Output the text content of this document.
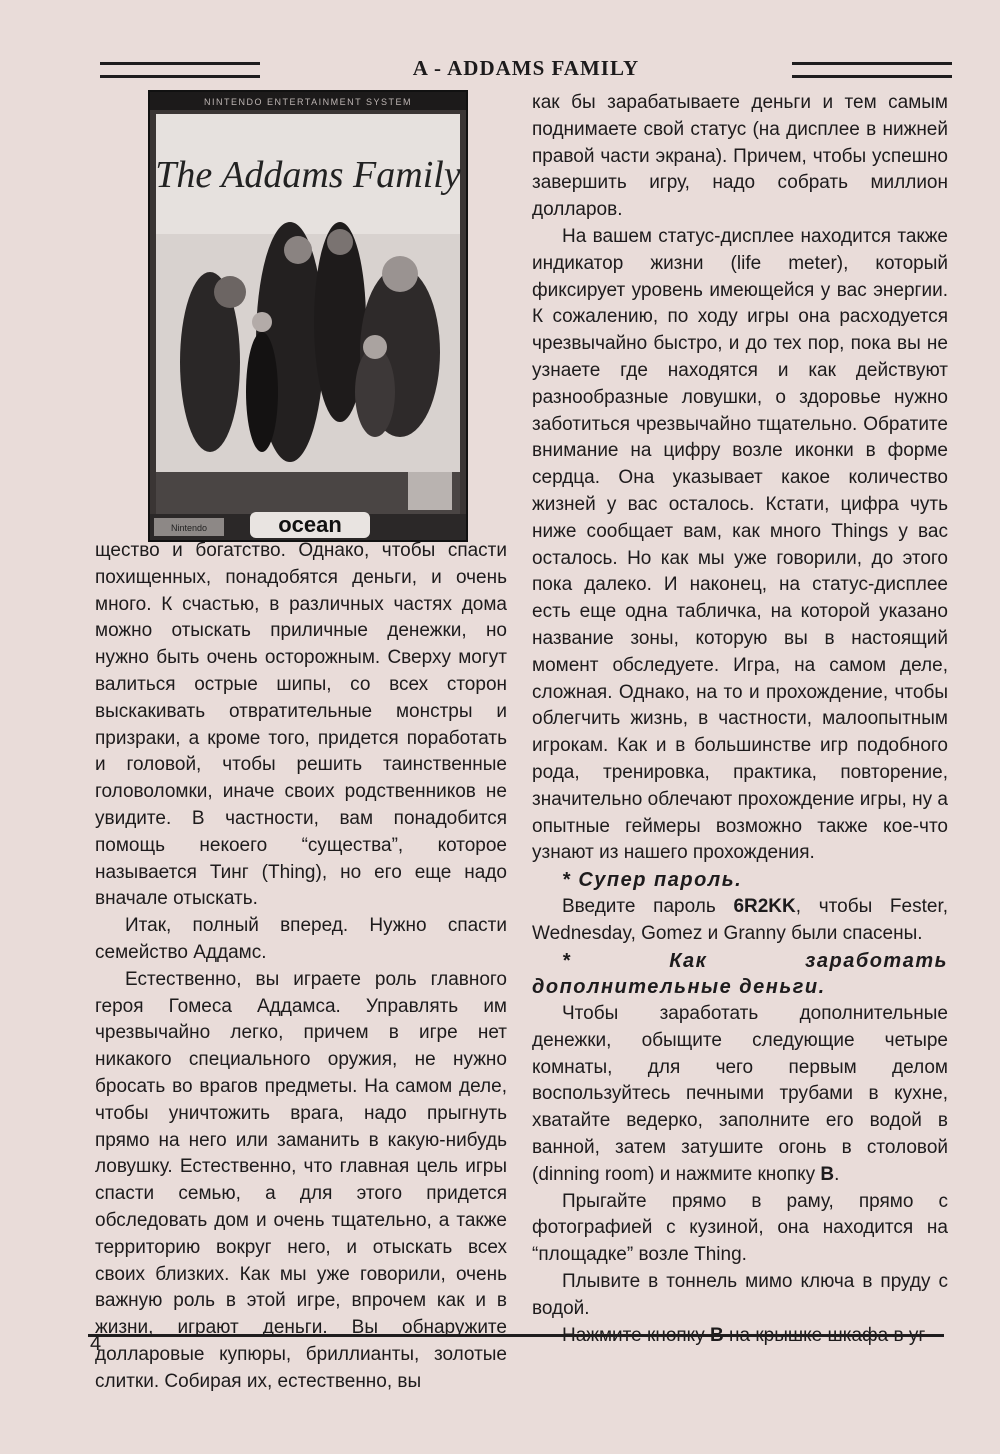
A - ADDAMS FAMILY
NINTENDO ENTERTAINMENT SYSTEM
The Addams Family
Nintendo	ocean

щество и богатство. Однако, чтобы спасти похищенных, понадобятся деньги, и очень много. К счастью, в различных частях дома можно отыскать приличные денежки, но нужно быть очень осторожным. Сверху могут валиться острые шипы, со всех сторон выскакивать отвратительные монстры и призраки, а кроме того, придется поработать и головой, чтобы решить таинственные головоломки, иначе своих родственников не увидите. В частности, вам понадобится помощь некоего “существа”, которое называется Тинг (Thing), но его еще надо вначале отыскать.

Итак, полный вперед. Нужно спасти семейство Аддамс.

Естественно, вы играете роль главного героя Гомеса Аддамса. Управлять им чрезвычайно легко, причем в игре нет никакого специального оружия, не нужно бросать во врагов предметы. На самом деле, чтобы уничтожить врага, надо прыгнуть прямо на него или заманить в какую-нибудь ловушку. Естественно, что главная цель игры спасти семью, а для этого придется обследовать дом и очень тщательно, а также территорию вокруг него, и отыскать всех своих близких. Как мы уже говорили, очень важную роль в этой игре, впрочем как и в жизни, играют деньги. Вы обнаружите долларовые купюры, бриллианты, золотые слитки. Собирая их, естественно, вы

как бы зарабатываете деньги и тем самым поднимаете свой статус (на дисплее в нижней правой части экрана). Причем, чтобы успешно завершить игру, надо собрать миллион долларов.

На вашем статус-дисплее находится также индикатор жизни (life meter), который фиксирует уровень имеющейся у вас энергии. К сожалению, по ходу игры она расходуется чрезвычайно быстро, и до тех пор, пока вы не узнаете где находятся и как действуют разнообразные ловушки, о здоровье нужно заботиться чрезвычайно тщательно. Обратите внимание на цифру возле иконки в форме сердца. Она указывает какое количество жизней у вас осталось. Кстати, цифра чуть ниже сообщает вам, как много Things у вас осталось. Но как мы уже говорили, до этого пока далеко. И наконец, на статус-дисплее есть еще одна табличка, на которой указано название зоны, которую вы в настоящий момент обследуете. Игра, на самом деле, сложная. Однако, на то и прохождение, чтобы облегчить жизнь, в частности, малоопытным игрокам. Как и в большинстве игр подобного рода, тренировка, практика, повторение, значительно облечают прохождение игры, ну а опытные геймеры возможно также кое-что узнают из нашего прохождения.

* Супер пароль.

Введите пароль 6R2KK, чтобы Fester, Wednesday, Gomez и Granny были спасены.

* Как заработать дополнительные деньги.

Чтобы заработать дополнительные денежки, обыщите следующие четыре комнаты, для чего первым делом воспользуйтесь печными трубами в кухне, хватайте ведерко, заполните его водой в ванной, затем затушите огонь в столовой (dinning room) и нажмите кнопку B.

Прыгайте прямо в раму, прямо с фотографией с кузиной, она находится на “площадке” возле Thing.

Плывите в тоннель мимо ключа в пруду с водой.

Нажмите кнопку B на крышке шкафа в уг-

4
